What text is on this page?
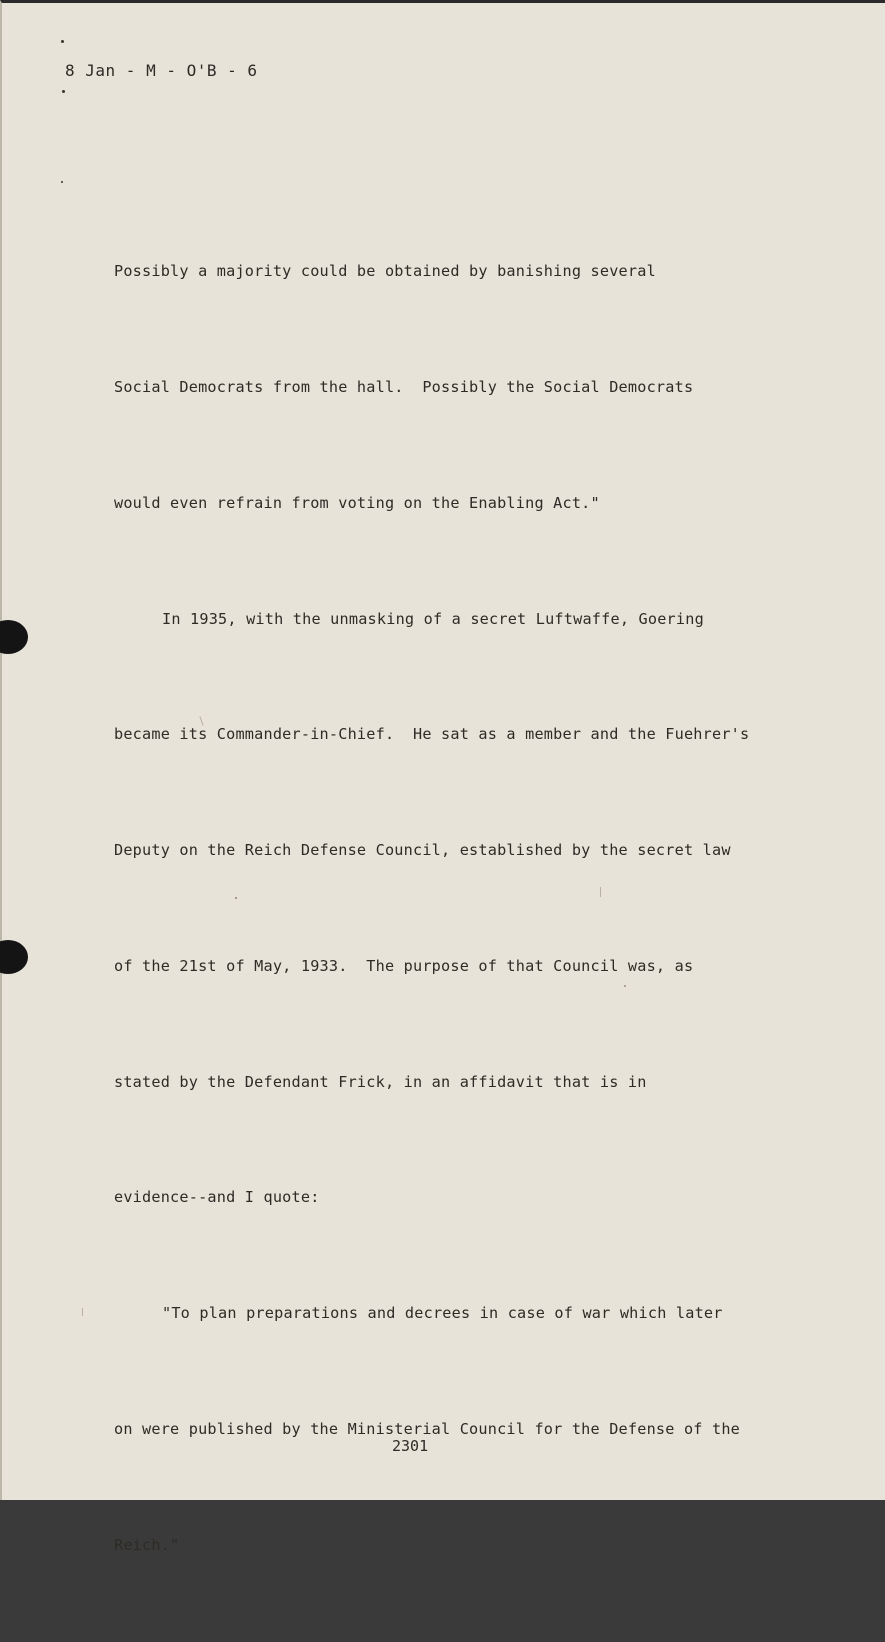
8 Jan - M - O'B - 6

Possibly a majority could be obtained by banishing several

Social Democrats from the hall.  Possibly the Social Democrats

would even refrain from voting on the Enabling Act."

In 1935, with the unmasking of a secret Luftwaffe, Goering

became its Commander-in-Chief.  He sat as a member and the Fuehrer's

Deputy on the Reich Defense Council, established by the secret law

of the 21st of May, 1933.  The purpose of that Council was, as

stated by the Defendant Frick, in an affidavit that is in

evidence--and I quote:

"To plan preparations and decrees in case of war which later

on were published by the Ministerial Council for the Defense of the

Reich."

2301
